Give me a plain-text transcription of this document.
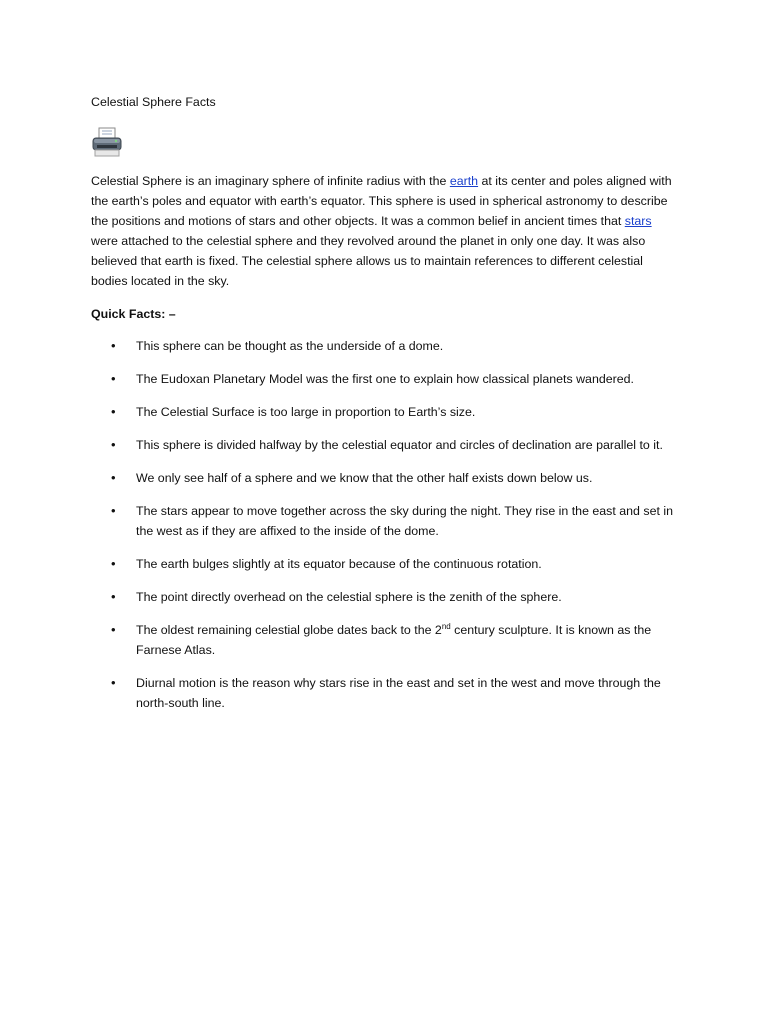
Celestial Sphere Facts

Celestial Sphere is an imaginary sphere of infinite radius with the earth at its center and poles aligned with the earth’s poles and equator with earth’s equator. This sphere is used in spherical astronomy to describe the positions and motions of stars and other objects. It was a common belief in ancient times that stars were attached to the celestial sphere and they revolved around the planet in only one day. It was also believed that earth is fixed. The celestial sphere allows us to maintain references to different celestial bodies located in the sky.

Quick Facts: –

• This sphere can be thought as the underside of a dome.
• The Eudoxan Planetary Model was the first one to explain how classical planets wandered.
• The Celestial Surface is too large in proportion to Earth’s size.
• This sphere is divided halfway by the celestial equator and circles of declination are parallel to it.
• We only see half of a sphere and we know that the other half exists down below us.
• The stars appear to move together across the sky during the night. They rise in the east and set in the west as if they are affixed to the inside of the dome.
• The earth bulges slightly at its equator because of the continuous rotation.
• The point directly overhead on the celestial sphere is the zenith of the sphere.
• The oldest remaining celestial globe dates back to the 2nd century sculpture. It is known as the Farnese Atlas.
• Diurnal motion is the reason why stars rise in the east and set in the west and move through the north-south line.
